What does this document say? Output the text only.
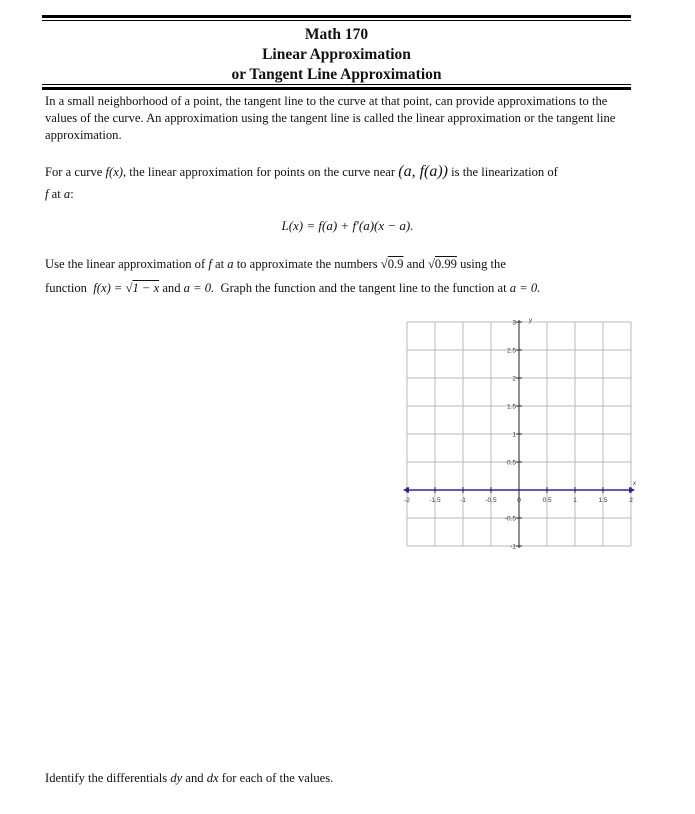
Math 170
Linear Approximation
or Tangent Line Approximation
In a small neighborhood of a point, the tangent line to the curve at that point, can provide approximations to the values of the curve. An approximation using the tangent line is called the linear approximation or the tangent line approximation.
For a curve f(x), the linear approximation for points on the curve near (a, f(a)) is the linearization of
f at a:
L(x) = f(a) + f′(a)(x − a).
Use the linear approximation of f at a to approximate the numbers √0.9 and √0.99 using the
function f(x) = √1 − x and a = 0. Graph the function and the tangent line to the function at a = 0.
-2	-1.5	-1	-0.5	0	0.5	1	1.5	2
3
2.5
2
1.5
1
0.5
-0.5
-1
x
y
Identify the differentials dy and dx for each of the values.
